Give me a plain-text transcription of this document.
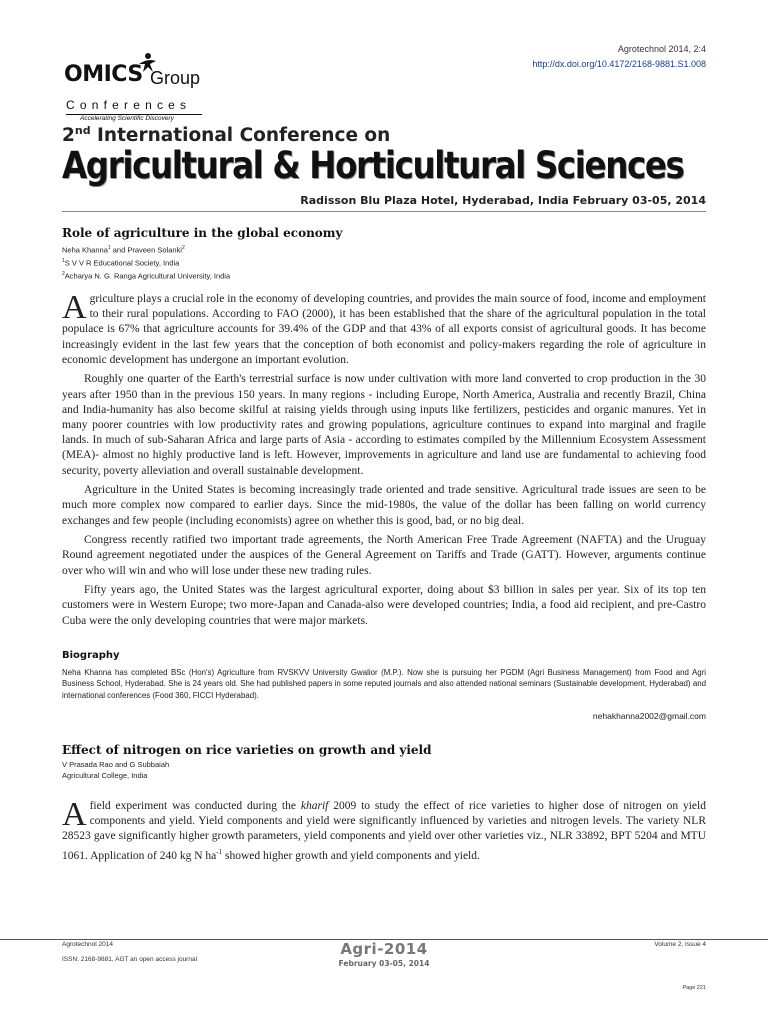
Agrotechnol 2014, 2:4
http://dx.doi.org/10.4172/2168-9881.S1.008
OMICS Group
Conferences
Accelerating Scientific Discovery
2nd International Conference on
Agricultural & Horticultural Sciences
Radisson Blu Plaza Hotel, Hyderabad, India February 03-05, 2014
Role of agriculture in the global economy
Neha Khanna$^1$ and Praveen Solanki$^2$
$^1$S V V R Educational Society, India
$^2$Acharya N. G. Ranga Agricultural University, India

Agriculture plays a crucial role in the economy of developing countries, and provides the main source of food, income and employment to their rural populations. According to FAO (2000), it has been established that the share of the agricultural population in the total populace is 67% that agriculture accounts for 39.4% of the GDP and that 43% of all exports consist of agricultural goods. It has become increasingly evident in the last few years that the conception of both economist and policy-makers regarding the role of agriculture in economic development has undergone an important evolution.

Roughly one quarter of the Earth's terrestrial surface is now under cultivation with more land converted to crop production in the 30 years after 1950 than in the previous 150 years. In many regions - including Europe, North America, Australia and recently Brazil, China and India-humanity has also become skilful at raising yields through using inputs like fertilizers, pesticides and organic manures. Yet in many poorer countries with low productivity rates and growing populations, agriculture continues to expand into marginal and fragile lands. In much of sub-Saharan Africa and large parts of Asia - according to estimates compiled by the Millennium Ecosystem Assessment (MEA)- almost no highly productive land is left. However, improvements in agriculture and land use are fundamental to achieving food security, poverty alleviation and overall sustainable development.

Agriculture in the United States is becoming increasingly trade oriented and trade sensitive. Agricultural trade issues are seen to be much more complex now compared to earlier days. Since the mid-1980s, the value of the dollar has been falling on world currency exchanges and few people (including economists) agree on whether this is good, bad, or no big deal.

Congress recently ratified two important trade agreements, the North American Free Trade Agreement (NAFTA) and the Uruguay Round agreement negotiated under the auspices of the General Agreement on Tariffs and Trade (GATT). However, arguments continue over who will win and who will lose under these new trading rules.

Fifty years ago, the United States was the largest agricultural exporter, doing about $3 billion in sales per year. Six of its top ten customers were in Western Europe; two more-Japan and Canada-also were developed countries; India, a food aid recipient, and pre-Castro Cuba were the only developing countries that were major markets.

Biography
Neha Khanna has completed BSc (Hon's) Agriculture from RVSKVV University Gwalior (M.P.). Now she is pursuing her PGDM (Agri Business Management) from Food and Agri Business School, Hyderabad. She is 24 years old. She had published papers in some reputed journals and also attended national seminars (Sustainable development, Hyderabad) and international conferences (Food 360, FICCI Hyderabad).
nehakhanna2002@gmail.com
Effect of nitrogen on rice varieties on growth and yield
V Prasada Rao and G Subbaiah
Agricultural College, India

A field experiment was conducted during the kharif 2009 to study the effect of rice varieties to higher dose of nitrogen on yield components and yield. Yield components and yield were significantly influenced by varieties and nitrogen levels. The variety NLR 28523 gave significantly higher growth parameters, yield components and yield over other varieties viz., NLR 33892, BPT 5204 and MTU 1061. Application of 240 kg N $ha^{-1}$ showed higher growth and yield components and yield.

Agrotechnol 2014
ISSN: 2168-9881, AGT an open access journal
Agri-2014
February 03-05, 2014
Volume 2, Issue 4
Page 221
